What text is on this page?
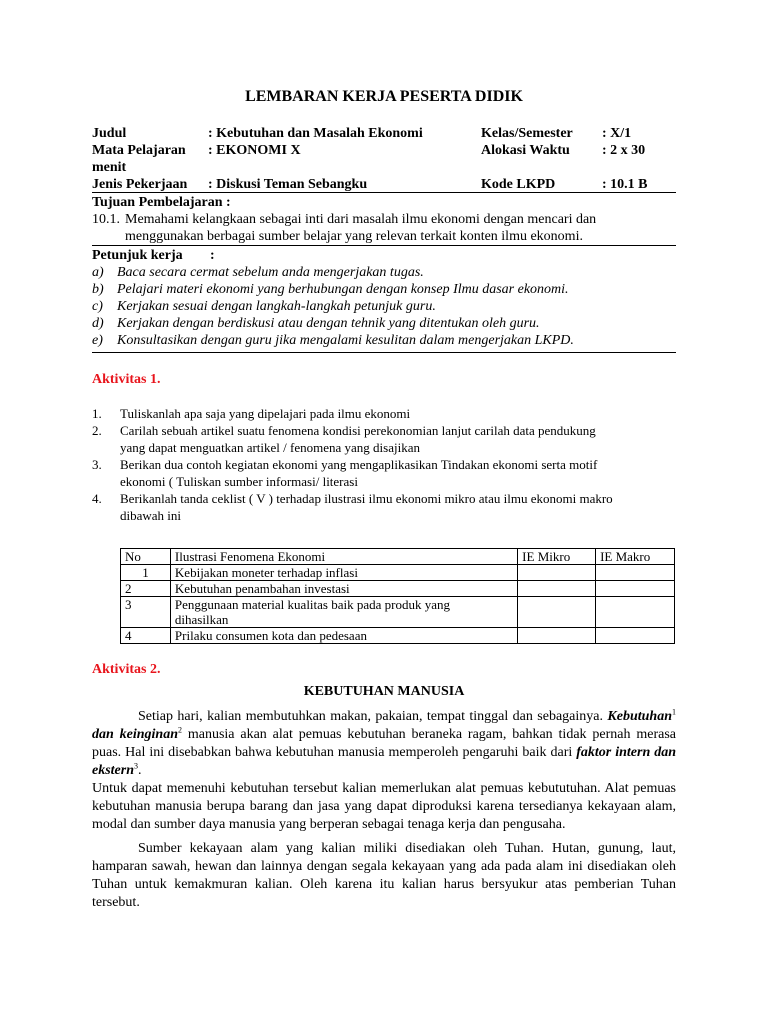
LEMBARAN KERJA PESERTA DIDIK
Judul	: Kebutuhan dan Masalah Ekonomi	Kelas/Semester : X/1
Mata Pelajaran : EKONOMI X	Alokasi Waktu : 2 x 30
menit
Jenis Pekerjaan : Diskusi Teman Sebangku	Kode LKPD	: 10.1 B
Tujuan Pembelajaran :
10.1. Memahami kelangkaan sebagai inti dari masalah ilmu ekonomi dengan mencari dan
menggunakan berbagai sumber belajar yang relevan terkait konten ilmu ekonomi.
Petunjuk kerja :
a) Baca secara cermat sebelum anda mengerjakan tugas.
b) Pelajari materi ekonomi yang berhubungan dengan konsep Ilmu dasar ekonomi.
c) Kerjakan sesuai dengan langkah-langkah petunjuk guru.
d) Kerjakan dengan berdiskusi atau dengan tehnik yang ditentukan oleh guru.
e) Konsultasikan dengan guru jika mengalami kesulitan dalam mengerjakan LKPD.
Aktivitas 1.
1. Tuliskanlah apa saja yang dipelajari pada ilmu ekonomi
2. Carilah sebuah artikel suatu fenomena kondisi perekonomian lanjut carilah data pendukung
yang dapat menguatkan artikel / fenomena yang disajikan
3. Berikan dua contoh kegiatan ekonomi yang mengaplikasikan Tindakan ekonomi serta motif
ekonomi ( Tuliskan sumber informasi/ literasi
4. Berikanlah tanda ceklist ( V ) terhadap ilustrasi ilmu ekonomi mikro atau ilmu ekonomi makro
dibawah ini
No	Ilustrasi Fenomena Ekonomi	IE Mikro	IE Makro
1	Kebijakan moneter terhadap inflasi		
2	Kebutuhan penambahan investasi		
3	Penggunaan material kualitas baik pada produk yang
dihasilkan		
4	Prilaku consumen kota dan pedesaan		
Aktivitas 2.
KEBUTUHAN MANUSIA

Setiap hari, kalian membutuhkan makan, pakaian, tempat tinggal dan sebagainya. Kebutuhan$^1$ dan keinginan$^2$ manusia akan alat pemuas kebutuhan beraneka ragam, bahkan tidak pernah merasa puas. Hal ini disebabkan bahwa kebutuhan manusia memperoleh pengaruhi baik dari faktor intern dan ekstern$^3$.

Untuk dapat memenuhi kebutuhan tersebut kalian memerlukan alat pemuas kebututuhan. Alat pemuas kebutuhan manusia berupa barang dan jasa yang dapat diproduksi karena tersedianya kekayaan alam, modal dan sumber daya manusia yang berperan sebagai tenaga kerja dan pengusaha.

Sumber kekayaan alam yang kalian miliki disediakan oleh Tuhan. Hutan, gunung, laut, hamparan sawah, hewan dan lainnya dengan segala kekayaan yang ada pada alam ini disediakan oleh Tuhan untuk kemakmuran kalian. Oleh karena itu kalian harus bersyukur atas pemberian Tuhan tersebut.
